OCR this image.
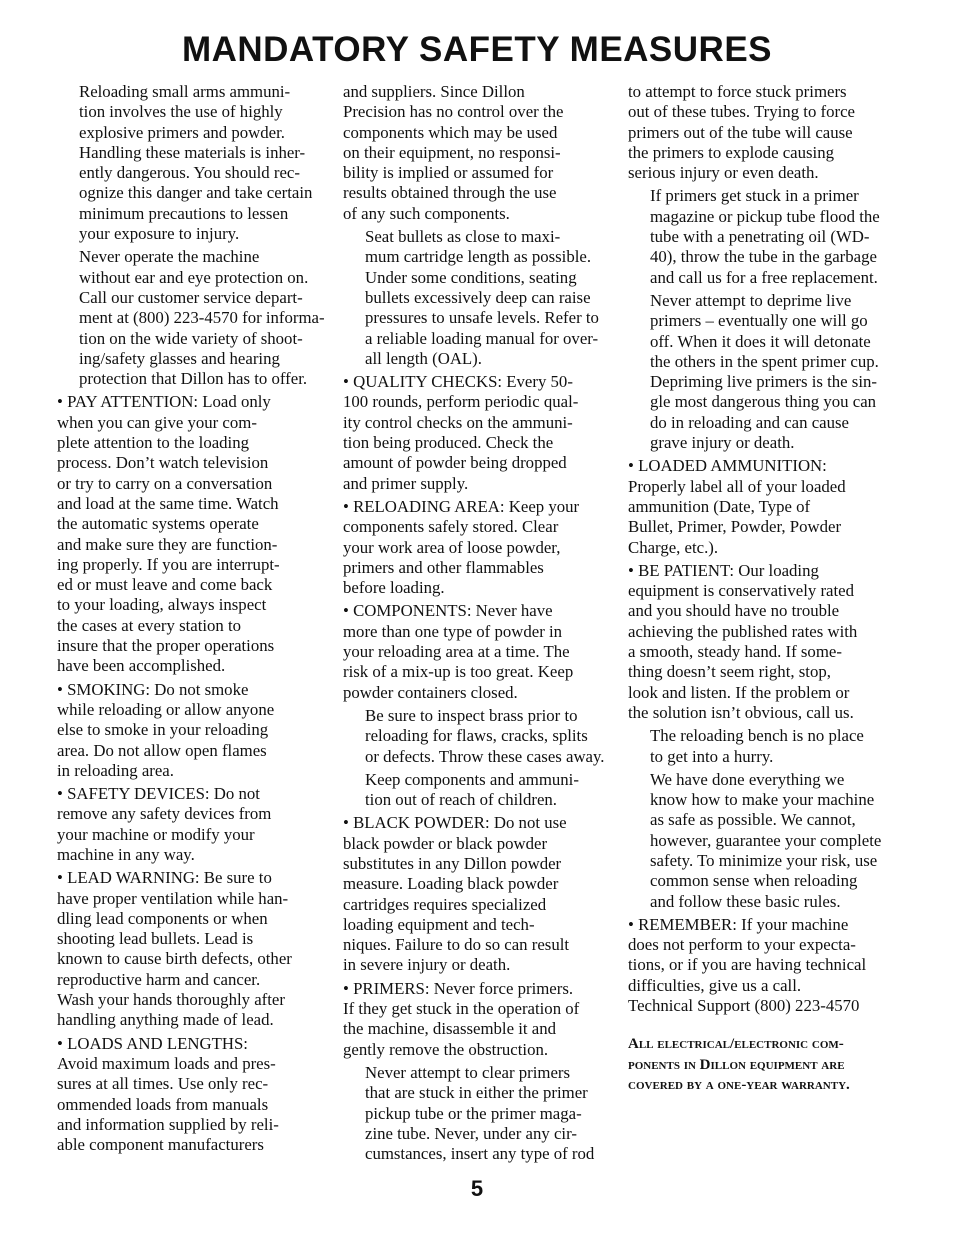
MANDATORY SAFETY MEASURES
Reloading small arms ammuni-
tion involves the use of highly
explosive primers and powder.
Handling these materials is inher-
ently dangerous. You should rec-
ognize this danger and take certain
minimum precautions to lessen
your exposure to injury.
Never operate the machine
without ear and eye protection on.
Call our customer service depart-
ment at (800) 223-4570 for informa-
tion on the wide variety of shoot-
ing/safety glasses and hearing
protection that Dillon has to offer.
• PAY ATTENTION: Load only
when you can give your com-
plete attention to the loading
process. Don’t watch television
or try to carry on a conversation
and load at the same time. Watch
the automatic systems operate
and make sure they are function-
ing properly. If you are interrupt-
ed or must leave and come back
to your loading, always inspect
the cases at every station to
insure that the proper operations
have been accomplished.
• SMOKING: Do not smoke
while reloading or allow anyone
else to smoke in your reloading
area. Do not allow open flames
in reloading area.
• SAFETY DEVICES: Do not
remove any safety devices from
your machine or modify your
machine in any way.
• LEAD WARNING: Be sure to
have proper ventilation while han-
dling lead components or when
shooting lead bullets. Lead is
known to cause birth defects, other
reproductive harm and cancer.
Wash your hands thoroughly after
handling anything made of lead.
• LOADS AND LENGTHS:
Avoid maximum loads and pres-
sures at all times. Use only rec-
ommended loads from manuals
and information supplied by reli-
able component manufacturers
and suppliers. Since Dillon
Precision has no control over the
components which may be used
on their equipment, no responsi-
bility is implied or assumed for
results obtained through the use
of any such components.
Seat bullets as close to maxi-
mum cartridge length as possible.
Under some conditions, seating
bullets excessively deep can raise
pressures to unsafe levels. Refer to
a reliable loading manual for over-
all length (OAL).
• QUALITY CHECKS: Every 50-
100 rounds, perform periodic qual-
ity control checks on the ammuni-
tion being produced. Check the
amount of powder being dropped
and primer supply.
• RELOADING AREA: Keep your
components safely stored. Clear
your work area of loose powder,
primers and other flammables
before loading.
• COMPONENTS: Never have
more than one type of powder in
your reloading area at a time. The
risk of a mix-up is too great. Keep
powder containers closed.
Be sure to inspect brass prior to
reloading for flaws, cracks, splits
or defects. Throw these cases away.
Keep components and ammuni-
tion out of reach of children.
• BLACK POWDER: Do not use
black powder or black powder
substitutes in any Dillon powder
measure. Loading black powder
cartridges requires specialized
loading equipment and tech-
niques. Failure to do so can result
in severe injury or death.
• PRIMERS: Never force primers.
If they get stuck in the operation of
the machine, disassemble it and
gently remove the obstruction.
Never attempt to clear primers
that are stuck in either the primer
pickup tube or the primer maga-
zine tube. Never, under any cir-
cumstances, insert any type of rod
to attempt to force stuck primers
out of these tubes. Trying to force
primers out of the tube will cause
the primers to explode causing
serious injury or even death.
If primers get stuck in a primer
magazine or pickup tube flood the
tube with a penetrating oil (WD-
40), throw the tube in the garbage
and call us for a free replacement.
Never attempt to deprime live
primers – eventually one will go
off. When it does it will detonate
the others in the spent primer cup.
Depriming live primers is the sin-
gle most dangerous thing you can
do in reloading and can cause
grave injury or death.
• LOADED AMMUNITION:
Properly label all of your loaded
ammunition (Date, Type of
Bullet, Primer, Powder, Powder
Charge, etc.).
• BE PATIENT: Our loading
equipment is conservatively rated
and you should have no trouble
achieving the published rates with
a smooth, steady hand. If some-
thing doesn’t seem right, stop,
look and listen. If the problem or
the solution isn’t obvious, call us.
The reloading bench is no place
to get into a hurry.
We have done everything we
know how to make your machine
as safe as possible. We cannot,
however, guarantee your complete
safety. To minimize your risk, use
common sense when reloading
and follow these basic rules.
• REMEMBER: If your machine
does not perform to your expecta-
tions, or if you are having technical
difficulties, give us a call.
Technical Support (800) 223-4570
All electrical/electronic com-
ponents in Dillon equipment are
covered by a one-year warranty.
5
